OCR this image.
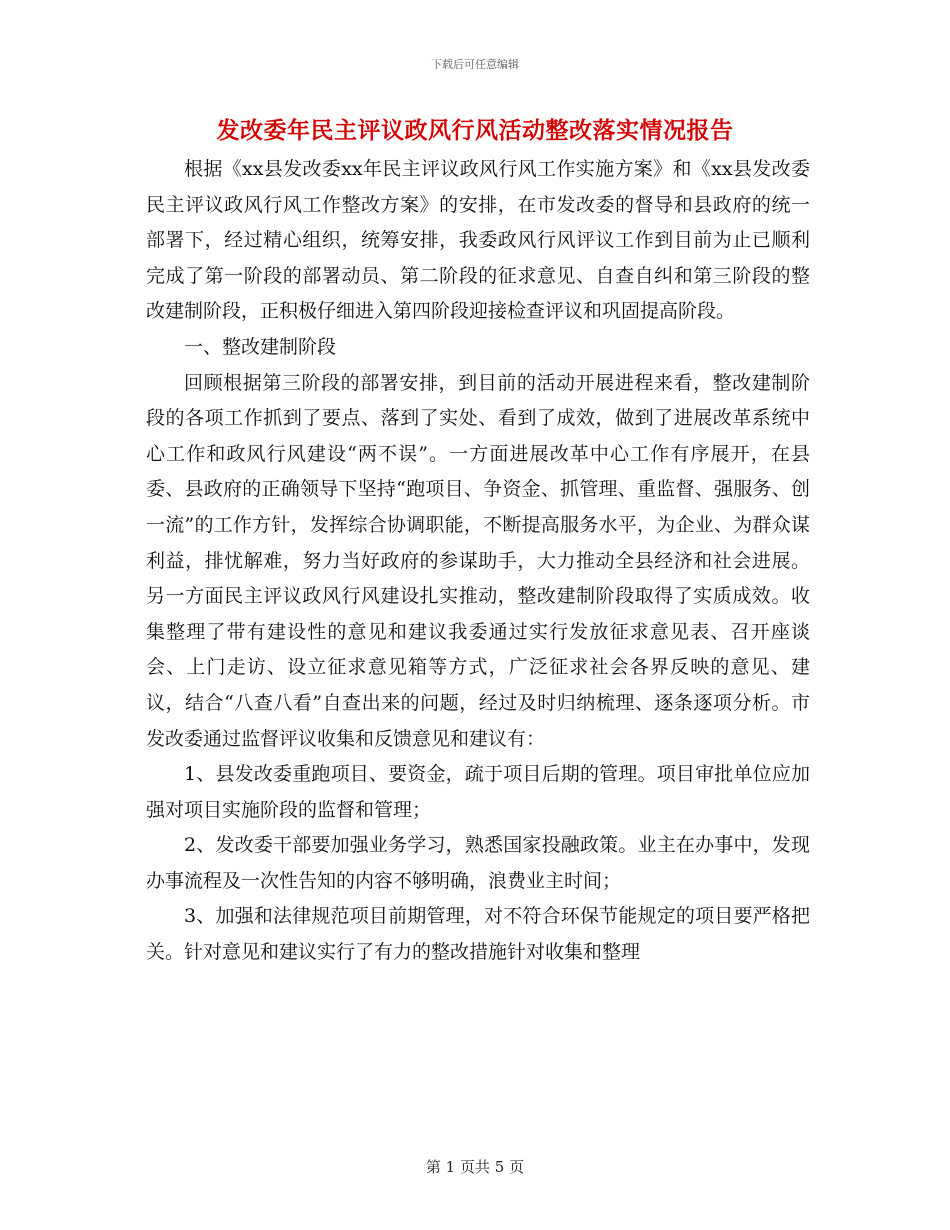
下载后可任意编辑
发改委年民主评议政风行风活动整改落实情况报告

根据《xx县发改委xx年民主评议政风行风工作实施方案》和《xx县发改委民主评议政风行风工作整改方案》的安排，在市发改委的督导和县政府的统一部署下，经过精心组织，统筹安排，我委政风行风评议工作到目前为止已顺利完成了第一阶段的部署动员、第二阶段的征求意见、自查自纠和第三阶段的整改建制阶段，正积极仔细进入第四阶段迎接检查评议和巩固提高阶段。

一、整改建制阶段

回顾根据第三阶段的部署安排，到目前的活动开展进程来看，整改建制阶段的各项工作抓到了要点、落到了实处、看到了成效，做到了进展改革系统中心工作和政风行风建设“两不误”。一方面进展改革中心工作有序展开，在县委、县政府的正确领导下坚持“跑项目、争资金、抓管理、重监督、强服务、创一流”的工作方针，发挥综合协调职能，不断提高服务水平，为企业、为群众谋利益，排忧解难，努力当好政府的参谋助手，大力推动全县经济和社会进展。另一方面民主评议政风行风建设扎实推动，整改建制阶段取得了实质成效。收集整理了带有建设性的意见和建议我委通过实行发放征求意见表、召开座谈会、上门走访、设立征求意见箱等方式，广泛征求社会各界反映的意见、建议，结合“八查八看”自查出来的问题，经过及时归纳梳理、逐条逐项分析。市发改委通过监督评议收集和反馈意见和建议有：

1、县发改委重跑项目、要资金，疏于项目后期的管理。项目审批单位应加强对项目实施阶段的监督和管理；

2、发改委干部要加强业务学习，熟悉国家投融政策。业主在办事中，发现办事流程及一次性告知的内容不够明确，浪费业主时间；

3、加强和法律规范项目前期管理，对不符合环保节能规定的项目要严格把关。针对意见和建议实行了有力的整改措施针对收集和整理

第 1 页共 5 页
